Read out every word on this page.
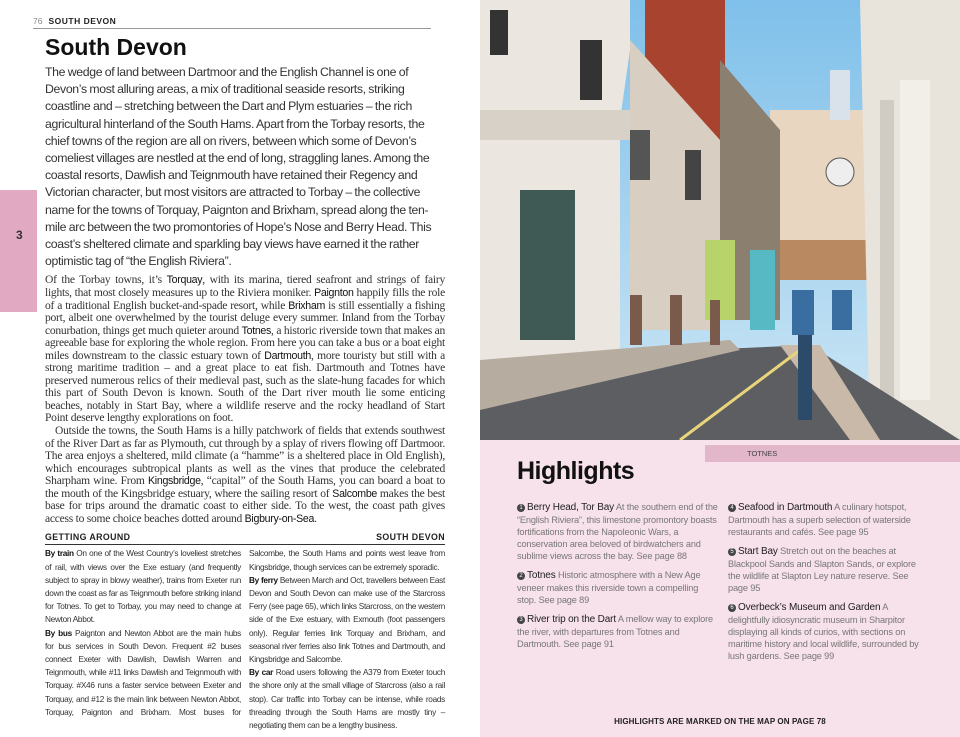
3
76 SOUTH DEVON
South Devon

The wedge of land between Dartmoor and the English Channel is one of Devon’s most alluring areas, a mix of traditional seaside resorts, striking coastline and – stretching between the Dart and Plym estuaries – the rich agricultural hinterland of the South Hams. Apart from the Torbay resorts, the chief towns of the region are all on rivers, between which some of Devon’s comeliest villages are nestled at the end of long, straggling lanes. Among the coastal resorts, Dawlish and Teignmouth have retained their Regency and Victorian character, but most visitors are attracted to Torbay – the collective name for the towns of Torquay, Paignton and Brixham, spread along the ten-mile arc between the two promontories of Hope’s Nose and Berry Head. This coast’s sheltered climate and sparkling bay views have earned it the rather optimistic tag of “the English Riviera”.

Of the Torbay towns, it’s Torquay, with its marina, tiered seafront and strings of fairy lights, that most closely measures up to the Riviera moniker. Paignton happily fills the role of a traditional English bucket-and-spade resort, while Brixham is still essentially a fishing port, albeit one overwhelmed by the tourist deluge every summer. Inland from the Torbay conurbation, things get much quieter around Totnes, a historic riverside town that makes an agreeable base for exploring the whole region. From here you can take a bus or a boat eight miles downstream to the classic estuary town of Dartmouth, more touristy but still with a strong maritime tradition – and a great place to eat fish. Dartmouth and Totnes have preserved numerous relics of their medieval past, such as the slate-hung facades for which this part of South Devon is known. South of the Dart river mouth lie some enticing beaches, notably in Start Bay, where a wildlife reserve and the rocky headland of Start Point deserve lengthy explorations on foot.

Outside the towns, the South Hams is a hilly patchwork of fields that extends southwest of the River Dart as far as Plymouth, cut through by a splay of rivers flowing off Dartmoor. The area enjoys a sheltered, mild climate (a “hamme” is a sheltered place in Old English), which encourages subtropical plants as well as the vines that produce the celebrated Sharpham wine. From Kingsbridge, “capital” of the South Hams, you can board a boat to the mouth of the Kingsbridge estuary, where the sailing resort of Salcombe makes the best base for trips around the dramatic coast to either side. To the west, the coast path gives access to some choice beaches dotted around Bigbury-on-Sea.

GETTING AROUND	SOUTH DEVON
By train On one of the West Country’s loveliest stretches of rail, with views over the Exe estuary (and frequently subject to spray in blowy weather), trains from Exeter run down the coast as far as Teignmouth before striking inland for Totnes. To get to Torbay, you may need to change at Newton Abbot.
By bus Paignton and Newton Abbot are the main hubs for bus services in South Devon. Frequent #2 buses connect Exeter with Dawlish, Dawlish Warren and Teignmouth, while #11 links Dawlish and Teignmouth with Torquay. #X46 runs a faster service between Exeter and Torquay, and #12 is the main link between Newton Abbot, Torquay, Paignton and Brixham. Most buses for Salcombe, the South Hams and points west leave from Kingsbridge, though services can be extremely sporadic.
By ferry Between March and Oct, travellers between East Devon and South Devon can make use of the Starcross Ferry (see page 65), which links Starcross, on the western side of the Exe estuary, with Exmouth (foot passengers only). Regular ferries link Torquay and Brixham, and seasonal river ferries also link Totnes and Dartmouth, and Kingsbridge and Salcombe.
By car Road users following the A379 from Exeter touch the shore only at the small village of Starcross (also a rail stop). Car traffic into Torbay can be intense, while roads threading through the South Hams are mostly tiny – negotiating them can be a lengthy business.
TOTNES
Highlights
1 Berry Head, Tor Bay At the southern end of the “English Riviera”, this limestone promontory boasts fortifications from the Napoleonic Wars, a conservation area beloved of birdwatchers and sublime views across the bay. See page 88
2 Totnes Historic atmosphere with a New Age veneer makes this riverside town a compelling stop. See page 89
3 River trip on the Dart A mellow way to explore the river, with departures from Totnes and Dartmouth. See page 91
4 Seafood in Dartmouth A culinary hotspot, Dartmouth has a superb selection of waterside restaurants and cafés. See page 95
5 Start Bay Stretch out on the beaches at Blackpool Sands and Slapton Sands, or explore the wildlife at Slapton Ley nature reserve. See page 95
6 Overbeck’s Museum and Garden A delightfully idiosyncratic museum in Sharpitor displaying all kinds of curios, with sections on maritime history and local wildlife, surrounded by lush gardens. See page 99
HIGHLIGHTS ARE MARKED ON THE MAP ON PAGE 78
